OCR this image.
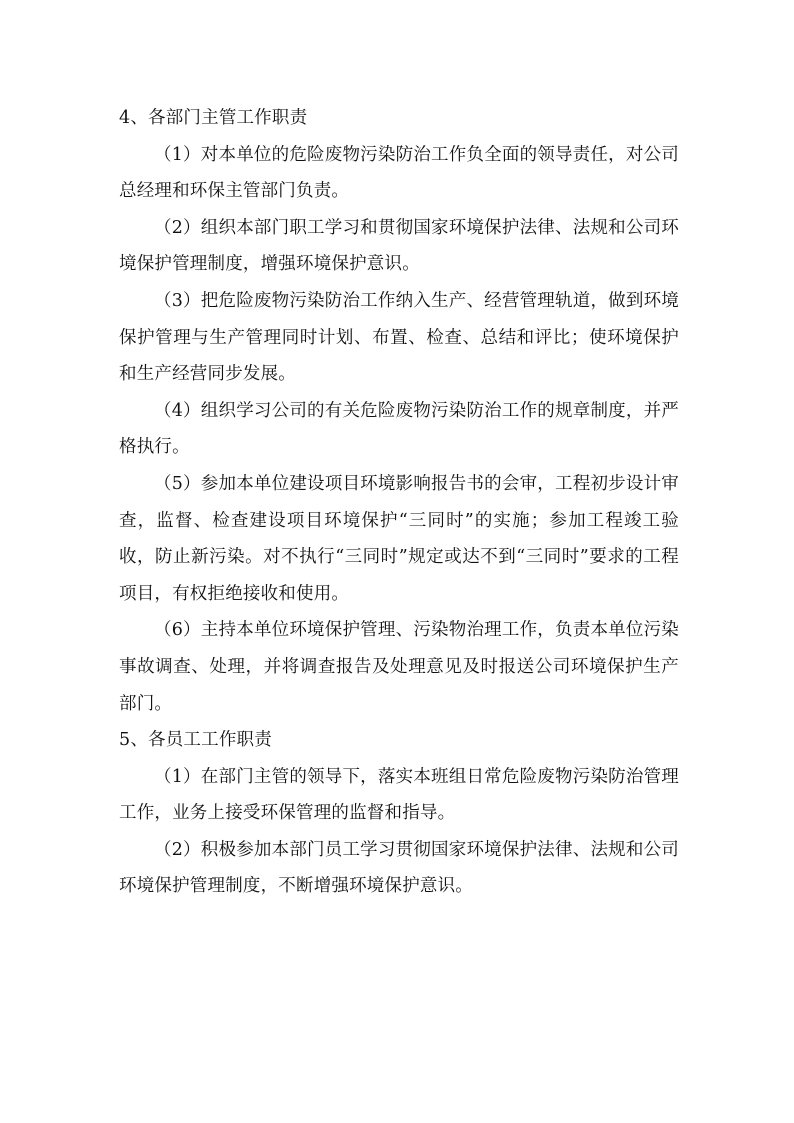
4、各部门主管工作职责

（1）对本单位的危险废物污染防治工作负全面的领导责任，对公司总经理和环保主管部门负责。

（2）组织本部门职工学习和贯彻国家环境保护法律、法规和公司环境保护管理制度，增强环境保护意识。

（3）把危险废物污染防治工作纳入生产、经营管理轨道，做到环境保护管理与生产管理同时计划、布置、检查、总结和评比；使环境保护和生产经营同步发展。

（4）组织学习公司的有关危险废物污染防治工作的规章制度，并严格执行。

（5）参加本单位建设项目环境影响报告书的会审，工程初步设计审查，监督、检查建设项目环境保护“三同时”的实施；参加工程竣工验收，防止新污染。对不执行“三同时”规定或达不到“三同时”要求的工程项目，有权拒绝接收和使用。

（6）主持本单位环境保护管理、污染物治理工作，负责本单位污染事故调查、处理，并将调查报告及处理意见及时报送公司环境保护生产部门。

5、各员工工作职责

（1）在部门主管的领导下，落实本班组日常危险废物污染防治管理工作，业务上接受环保管理的监督和指导。

（2）积极参加本部门员工学习贯彻国家环境保护法律、法规和公司环境保护管理制度，不断增强环境保护意识。
